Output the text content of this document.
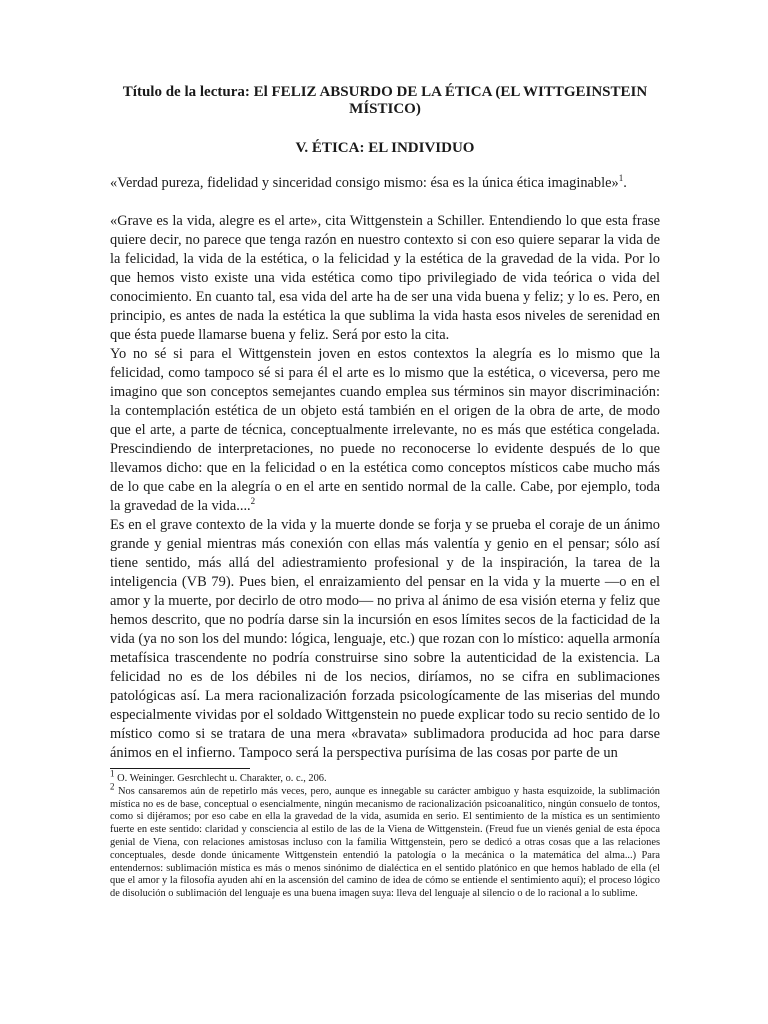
Título de la lectura: El FELIZ ABSURDO DE LA ÉTICA (EL WITTGEINSTEIN MÍSTICO)

V. ÉTICA: EL INDIVIDUO

«Verdad pureza, fidelidad y sinceridad consigo mismo: ésa es la única ética imaginable»$^1$.

«Grave es la vida, alegre es el arte», cita Wittgenstein a Schiller. Entendiendo lo que esta frase quiere decir, no parece que tenga razón en nuestro contexto si con eso quiere separar la vida de la felicidad, la vida de la estética, o la felicidad y la estética de la gravedad de la vida. Por lo que hemos visto existe una vida estética como tipo privilegiado de vida teórica o vida del conocimiento. En cuanto tal, esa vida del arte ha de ser una vida buena y feliz; y lo es. Pero, en principio, es antes de nada la estética la que sublima la vida hasta esos niveles de serenidad en que ésta puede llamarse buena y feliz. Será por esto la cita.

Yo no sé si para el Wittgenstein joven en estos contextos la alegría es lo mismo que la felicidad, como tampoco sé si para él el arte es lo mismo que la estética, o viceversa, pero me imagino que son conceptos semejantes cuando emplea sus términos sin mayor discriminación: la contemplación estética de un objeto está también en el origen de la obra de arte, de modo que el arte, a parte de técnica, conceptualmente irrelevante, no es más que estética congelada. Prescindiendo de interpretaciones, no puede no reconocerse lo evidente después de lo que llevamos dicho: que en la felicidad o en la estética como conceptos místicos cabe mucho más de lo que cabe en la alegría o en el arte en sentido normal de la calle. Cabe, por ejemplo, toda la gravedad de la vida....$^2$

Es en el grave contexto de la vida y la muerte donde se forja y se prueba el coraje de un ánimo grande y genial mientras más conexión con ellas más valentía y genio en el pensar; sólo así tiene sentido, más allá del adiestramiento profesional y de la inspiración, la tarea de la inteligencia (VB 79). Pues bien, el enraizamiento del pensar en la vida y la muerte —o en el amor y la muerte, por decirlo de otro modo— no priva al ánimo de esa visión eterna y feliz que hemos descrito, que no podría darse sin la incursión en esos límites secos de la facticidad de la vida (ya no son los del mundo: lógica, lenguaje, etc.) que rozan con lo místico: aquella armonía metafísica trascendente no podría construirse sino sobre la autenticidad de la existencia. La felicidad no es de los débiles ni de los necios, diríamos, no se cifra en sublimaciones patológicas así. La mera racionalización forzada psicologícamente de las miserias del mundo especialmente vividas por el soldado Wittgenstein no puede explicar todo su recio sentido de lo místico como si se tratara de una mera «bravata» sublimadora producida ad hoc para darse ánimos en el infierno. Tampoco será la perspectiva purísima de las cosas por parte de un

$^1$ O. Weininger. Gesrchlecht u. Charakter, o. c., 206.

$^2$ Nos cansaremos aún de repetirlo más veces, pero, aunque es innegable su carácter ambiguo y hasta esquizoide, la sublimación mística no es de base, conceptual o esencialmente, ningún mecanismo de racionalización psicoanalítico, ningún consuelo de tontos, como si dijéramos; por eso cabe en ella la gravedad de la vida, asumida en serio. El sentimiento de la mística es un sentimiento fuerte en este sentido: claridad y consciencia al estilo de las de la Viena de Wittgenstein. (Freud fue un vienés genial de esta época genial de Viena, con relaciones amistosas incluso con la familia Wittgenstein, pero se dedicó a otras cosas que a las relaciones conceptuales, desde donde únicamente Wittgenstein entendió la patología o la mecánica o la matemática del alma...) Para entendernos: sublimación mística es más o menos sinónimo de dialéctica en el sentido platónico en que hemos hablado de ella (el que el amor y la filosofía ayuden ahí en la ascensión del camino de idea de cómo se entiende el sentimiento aquí); el proceso lógico de disolución o sublimación del lenguaje es una buena imagen suya: lleva del lenguaje al silencio o de lo racional a lo sublime.
